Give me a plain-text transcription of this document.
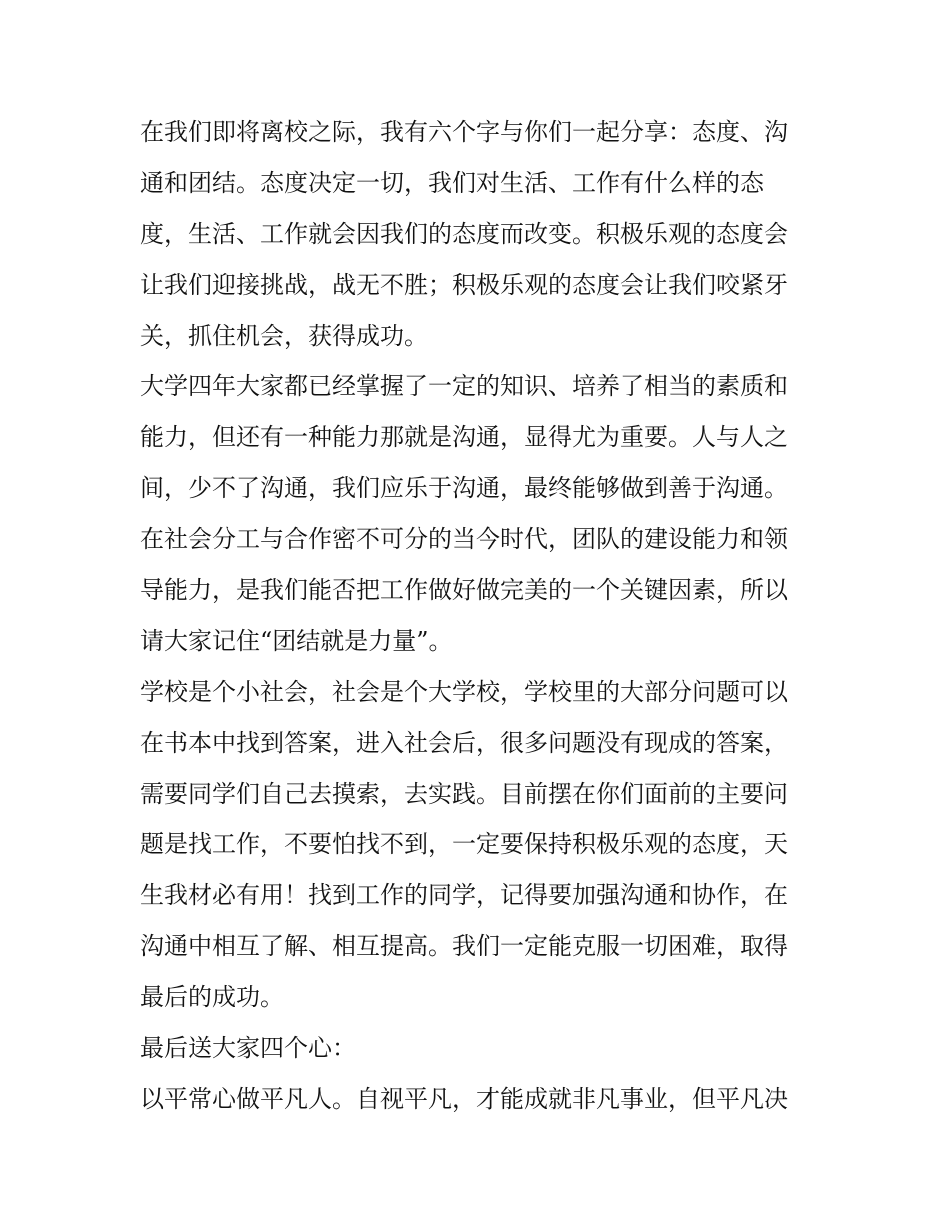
在我们即将离校之际，我有六个字与你们一起分享：态度、沟
通和团结。态度决定一切，我们对生活、工作有什么样的态
度，生活、工作就会因我们的态度而改变。积极乐观的态度会
让我们迎接挑战，战无不胜；积极乐观的态度会让我们咬紧牙
关，抓住机会，获得成功。
大学四年大家都已经掌握了一定的知识、培养了相当的素质和
能力，但还有一种能力那就是沟通，显得尤为重要。人与人之
间，少不了沟通，我们应乐于沟通，最终能够做到善于沟通。
在社会分工与合作密不可分的当今时代，团队的建设能力和领
导能力，是我们能否把工作做好做完美的一个关键因素，所以
请大家记住“团结就是力量”。
学校是个小社会，社会是个大学校，学校里的大部分问题可以
在书本中找到答案，进入社会后，很多问题没有现成的答案，
需要同学们自己去摸索，去实践。目前摆在你们面前的主要问
题是找工作，不要怕找不到，一定要保持积极乐观的态度，天
生我材必有用！找到工作的同学，记得要加强沟通和协作，在
沟通中相互了解、相互提高。我们一定能克服一切困难，取得
最后的成功。
最后送大家四个心：
以平常心做平凡人。自视平凡，才能成就非凡事业，但平凡决
